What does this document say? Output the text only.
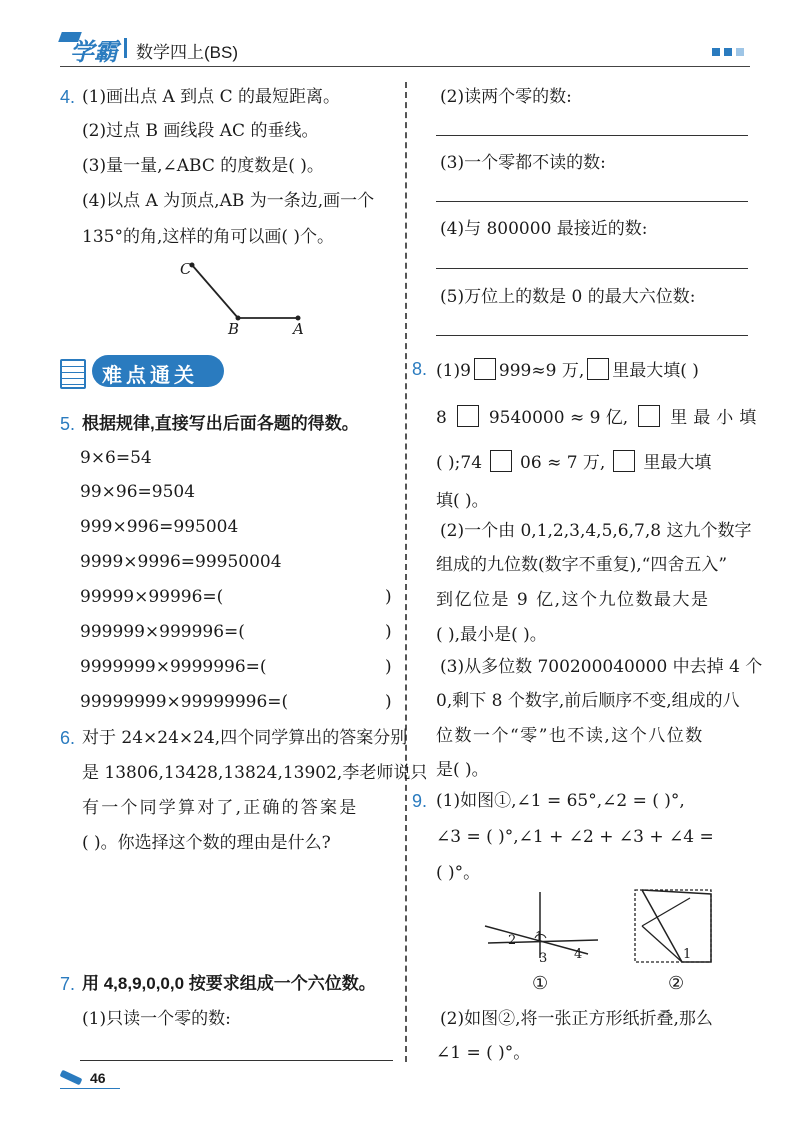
学霸 数学四上(BS)
4. (1)画出点 A 到点 C 的最短距离。
(2)过点 B 画线段 AC 的垂线。
(3)量一量,∠ABC 的度数是( )。
(4)以点 A 为顶点,AB 为一条边,画一个
135°的角,这样的角可以画( )个。
C
B	A
难点通关
5. 根据规律,直接写出后面各题的得数。
9×6=54
99×96=9504
999×996=995004
9999×9996=99950004
99999×99996=(	)
999999×999996=(	)
9999999×9999996=(	)
99999999×99999996=(	)
6. 对于 24×24×24,四个同学算出的答案分别
是 13806,13428,13824,13902,李老师说只
有一个同学算对了,正确的答案是
( )。你选择这个数的理由是什么?
7. 用 4,8,9,0,0,0 按要求组成一个六位数。
(1)只读一个零的数:
(2)读两个零的数:
(3)一个零都不读的数:
(4)与 800000 最接近的数:
(5)万位上的数是 0 的最大六位数:
8. (1)9 999≈9 万, 里最大填( )
8 9540000 ≈ 9 亿, 里最小填
( );74 06 ≈ 7 万, 里最大填
填( )。
(2)一个由 0,1,2,3,4,5,6,7,8 这九个数字
组成的九位数(数字不重复),“四舍五入”
到亿位是 9 亿,这个九位数最大是
( ),最小是( )。
(3)从多位数 700200040000 中去掉 4 个
0,剩下 8 个数字,前后顺序不变,组成的八
位数一个“零”也不读,这个八位数
是( )。
9. (1)如图①,∠1 = 65°,∠2 = ( )°,
∠3 = ( )°,∠1 + ∠2 + ∠3 + ∠4 =
( )°。
1
2
3 4
①
1
②
(2)如图②,将一张正方形纸折叠,那么
∠1 = ( )°。
46
